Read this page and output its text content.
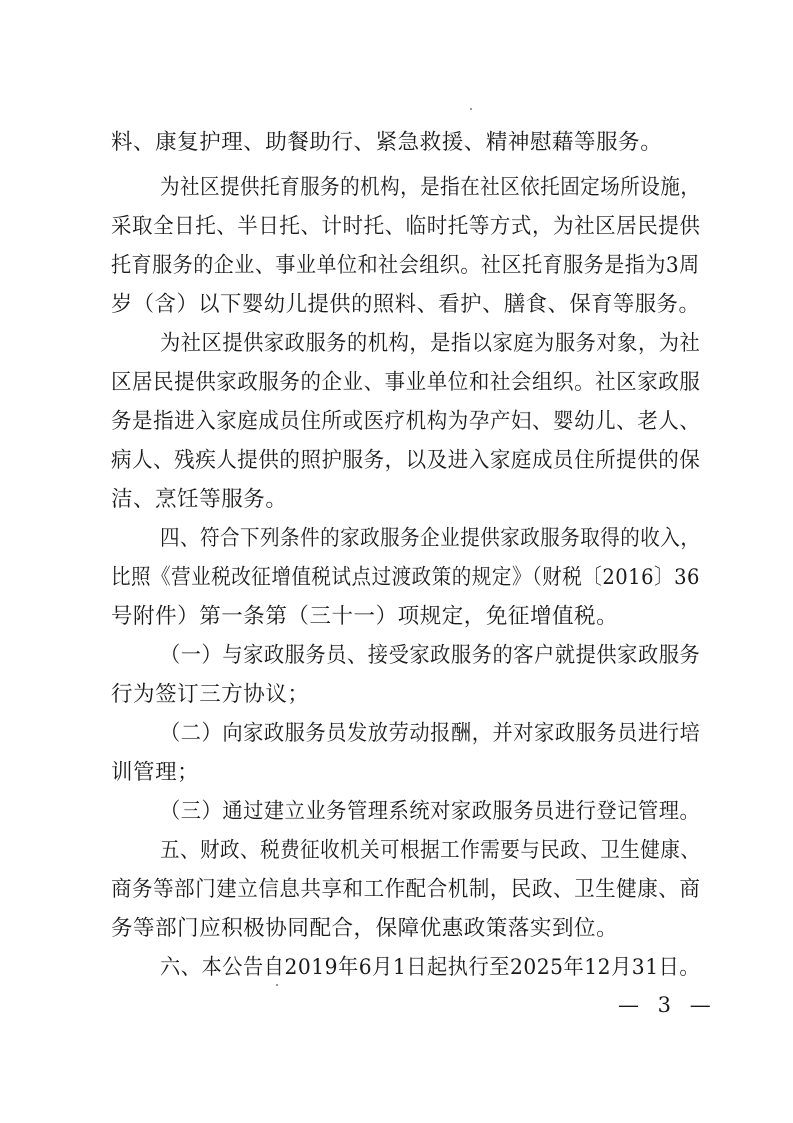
料、康复护理、助餐助行、紧急救援、精神慰藉等服务。
为社区提供托育服务的机构，是指在社区依托固定场所设施，
采取全日托、半日托、计时托、临时托等方式，为社区居民提供
托育服务的企业、事业单位和社会组织。社区托育服务是指为3周
岁（含）以下婴幼儿提供的照料、看护、膳食、保育等服务。
为社区提供家政服务的机构，是指以家庭为服务对象，为社
区居民提供家政服务的企业、事业单位和社会组织。社区家政服
务是指进入家庭成员住所或医疗机构为孕产妇、婴幼儿、老人、
病人、残疾人提供的照护服务，以及进入家庭成员住所提供的保
洁、烹饪等服务。
四、符合下列条件的家政服务企业提供家政服务取得的收入，
比照《营业税改征增值税试点过渡政策的规定》（财税〔2016〕36
号附件）第一条第（三十一）项规定，免征增值税。
（一）与家政服务员、接受家政服务的客户就提供家政服务
行为签订三方协议；
（二）向家政服务员发放劳动报酬，并对家政服务员进行培
训管理；
（三）通过建立业务管理系统对家政服务员进行登记管理。
五、财政、税费征收机关可根据工作需要与民政、卫生健康、
商务等部门建立信息共享和工作配合机制，民政、卫生健康、商
务等部门应积极协同配合，保障优惠政策落实到位。
六、本公告自2019年6月1日起执行至2025年12月31日。
— 3 —
